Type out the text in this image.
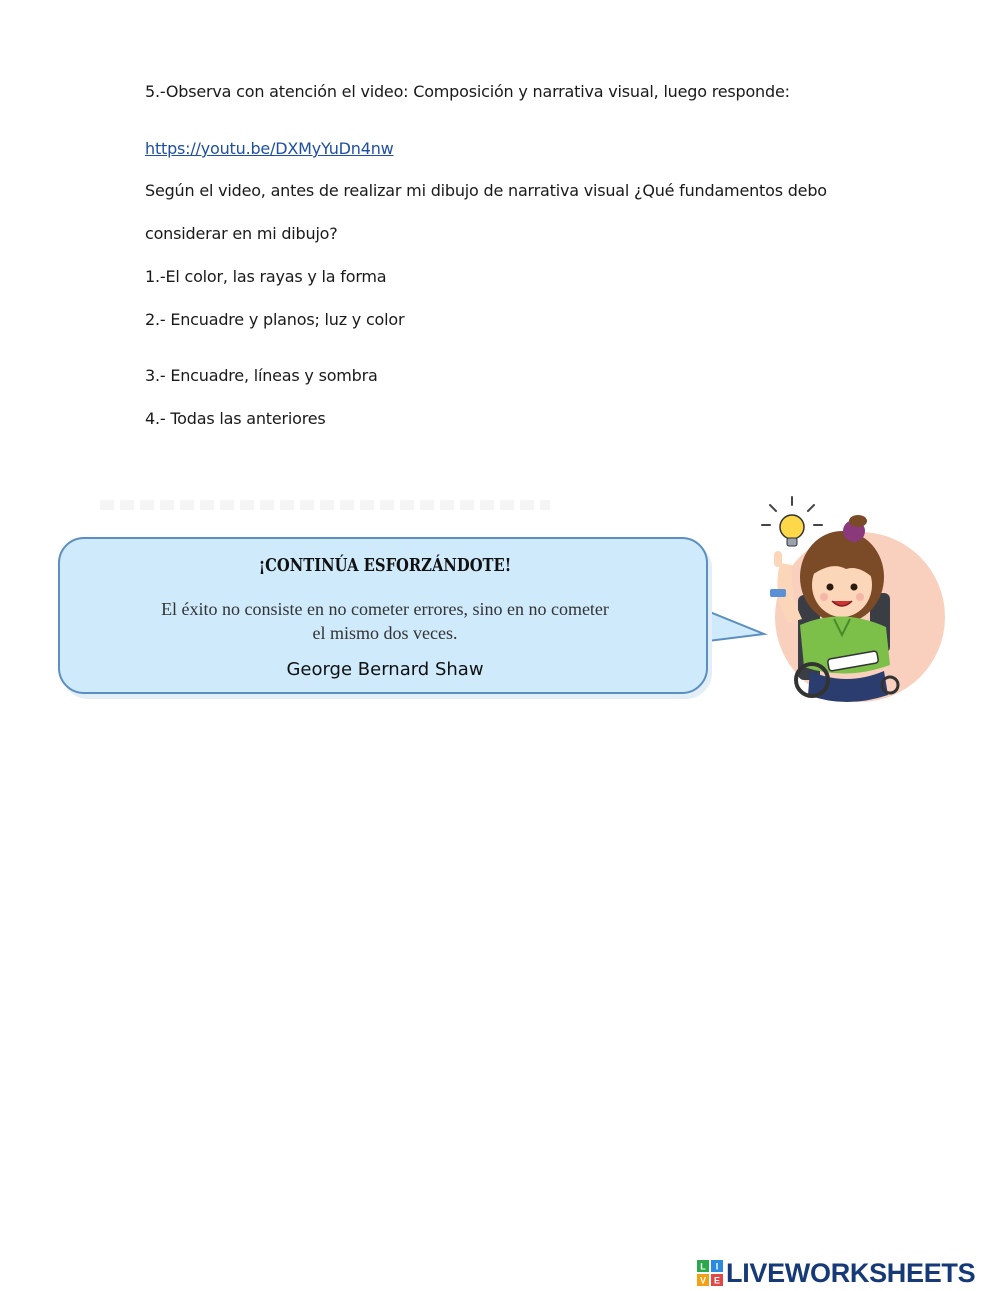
5.-Observa con atención el video: Composición y narrativa visual, luego responde:
https://youtu.be/DXMyYuDn4nw
Según el video, antes de realizar mi dibujo de narrativa visual ¿Qué fundamentos debo
considerar en mi dibujo?
1.-El color, las rayas y la forma
2.- Encuadre y planos; luz y color
3.- Encuadre, líneas y sombra
4.- Todas las anteriores
¡CONTINÚA ESFORZÁNDOTE!
El éxito no consiste en no cometer errores, sino en no cometer
el mismo dos veces.
George Bernard Shaw
L I
V E LIVEWORKSHEETS
